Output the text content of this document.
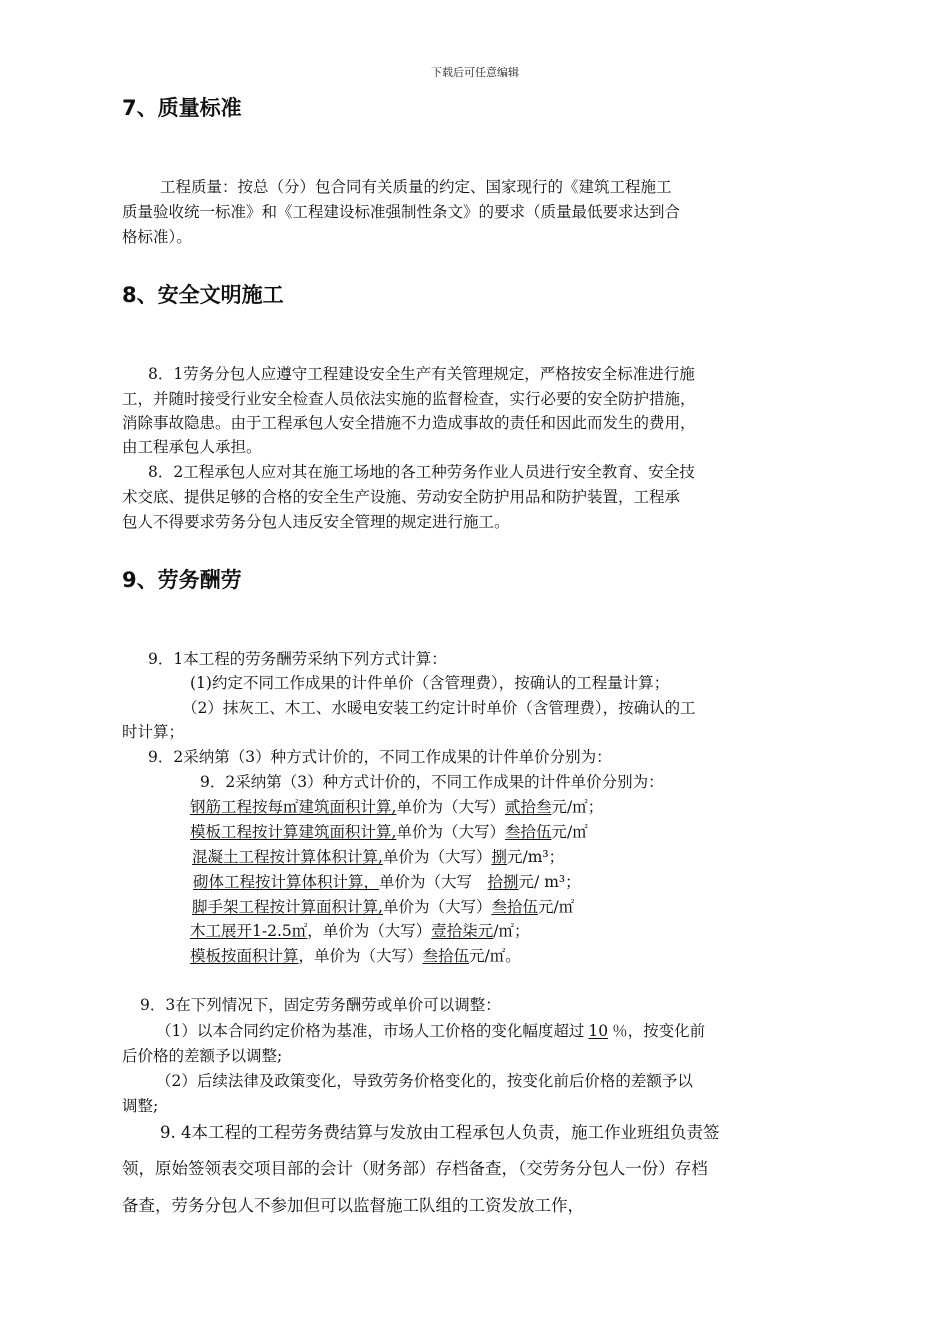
下载后可任意编辑
7、质量标准
工程质量：按总（分）包合同有关质量的约定、国家现行的《建筑工程施工
质量验收统一标准》和《工程建设标准强制性条文》的要求（质量最低要求达到合
格标准）。
8、安全文明施工
8．1劳务分包人应遵守工程建设安全生产有关管理规定，严格按安全标准进行施
工，并随时接受行业安全检查人员依法实施的监督检查，实行必要的安全防护措施，
消除事故隐患。由于工程承包人安全措施不力造成事故的责任和因此而发生的费用，
由工程承包人承担。
8．2工程承包人应对其在施工场地的各工种劳务作业人员进行安全教育、安全技
术交底、提供足够的合格的安全生产设施、劳动安全防护用品和防护装置，工程承
包人不得要求劳务分包人违反安全管理的规定进行施工。
9、劳务酬劳
9．1本工程的劳务酬劳采纳下列方式计算：
(1)约定不同工作成果的计件单价（含管理费），按确认的工程量计算；
（2）抹灰工、木工、水暖电安装工约定计时单价（含管理费），按确认的工
时计算；
9．2采纳第（3）种方式计价的，不同工作成果的计件单价分别为：
9．2采纳第（3）种方式计价的，不同工作成果的计件单价分别为：
钢筋工程按每㎡建筑面积计算,单价为（大写）贰拾叁元/㎡；
模板工程按计算建筑面积计算,单价为（大写）叁拾伍元/㎡
混凝土工程按计算体积计算,单价为（大写）捌元/m³；
砌体工程按计算体积计算，单价为（大写　拾捌元/ m³；
脚手架工程按计算面积计算,单价为（大写）叁拾伍元/㎡
木工展开1-2.5㎡，单价为（大写）壹拾柒元/㎡；
模板按面积计算，单价为（大写）叁拾伍元/㎡。
9．3在下列情况下，固定劳务酬劳或单价可以调整：
（1）以本合同约定价格为基准，市场人工价格的变化幅度超过 10 ％，按变化前
后价格的差额予以调整;
（2）后续法律及政策变化，导致劳务价格变化的，按变化前后价格的差额予以
调整;
9. 4本工程的工程劳务费结算与发放由工程承包人负责，施工作业班组负责签
领，原始签领表交项目部的会计（财务部）存档备查，（交劳务分包人一份）存档
备查，劳务分包人不参加但可以监督施工队组的工资发放工作，
